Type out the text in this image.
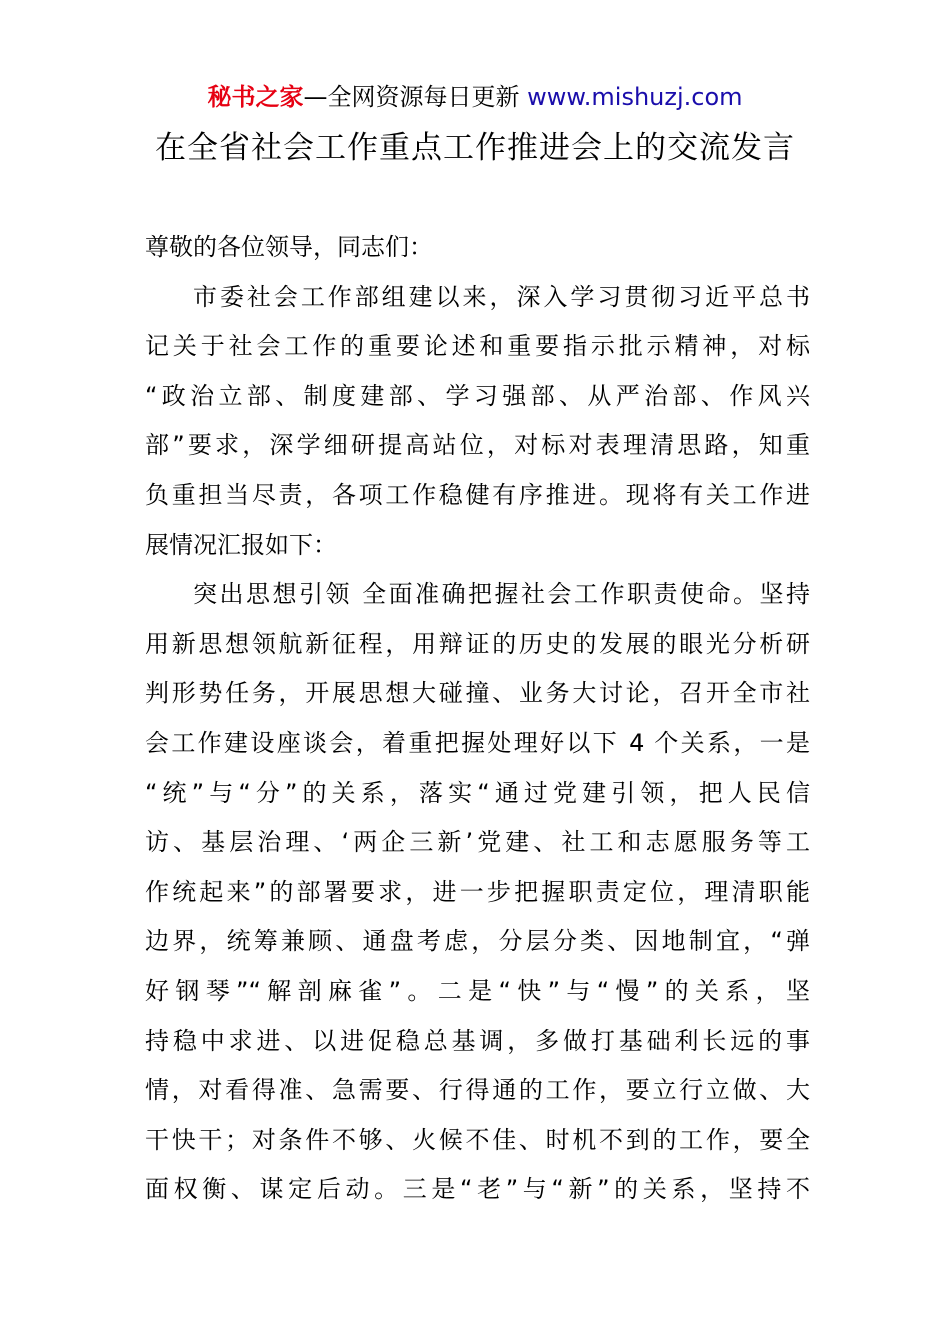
秘书之家—全网资源每日更新 www.mishuzj.com
在全省社会工作重点工作推进会上的交流发言
尊敬的各位领导，同志们：
市委社会工作部组建以来，深入学习贯彻习近平总书
记关于社会工作的重要论述和重要指示批示精神，对标
“政治立部、制度建部、学习强部、从严治部、作风兴
部”要求，深学细研提高站位，对标对表理清思路，知重
负重担当尽责，各项工作稳健有序推进。现将有关工作进
展情况汇报如下：
突出思想引领 全面准确把握社会工作职责使命。坚持
用新思想领航新征程，用辩证的历史的发展的眼光分析研
判形势任务，开展思想大碰撞、业务大讨论，召开全市社
会工作建设座谈会，着重把握处理好以下 4 个关系，一是
“统”与“分”的关系，落实“通过党建引领，把人民信
访、基层治理、‘两企三新’党建、社工和志愿服务等工
作统起来”的部署要求，进一步把握职责定位，理清职能
边界，统筹兼顾、通盘考虑，分层分类、因地制宜，“弹
好钢琴”“解剖麻雀”。二是“快”与“慢”的关系，坚
持稳中求进、以进促稳总基调，多做打基础利长远的事
情，对看得准、急需要、行得通的工作，要立行立做、大
干快干；对条件不够、火候不佳、时机不到的工作，要全
面权衡、谋定后动。三是“老”与“新”的关系，坚持不
